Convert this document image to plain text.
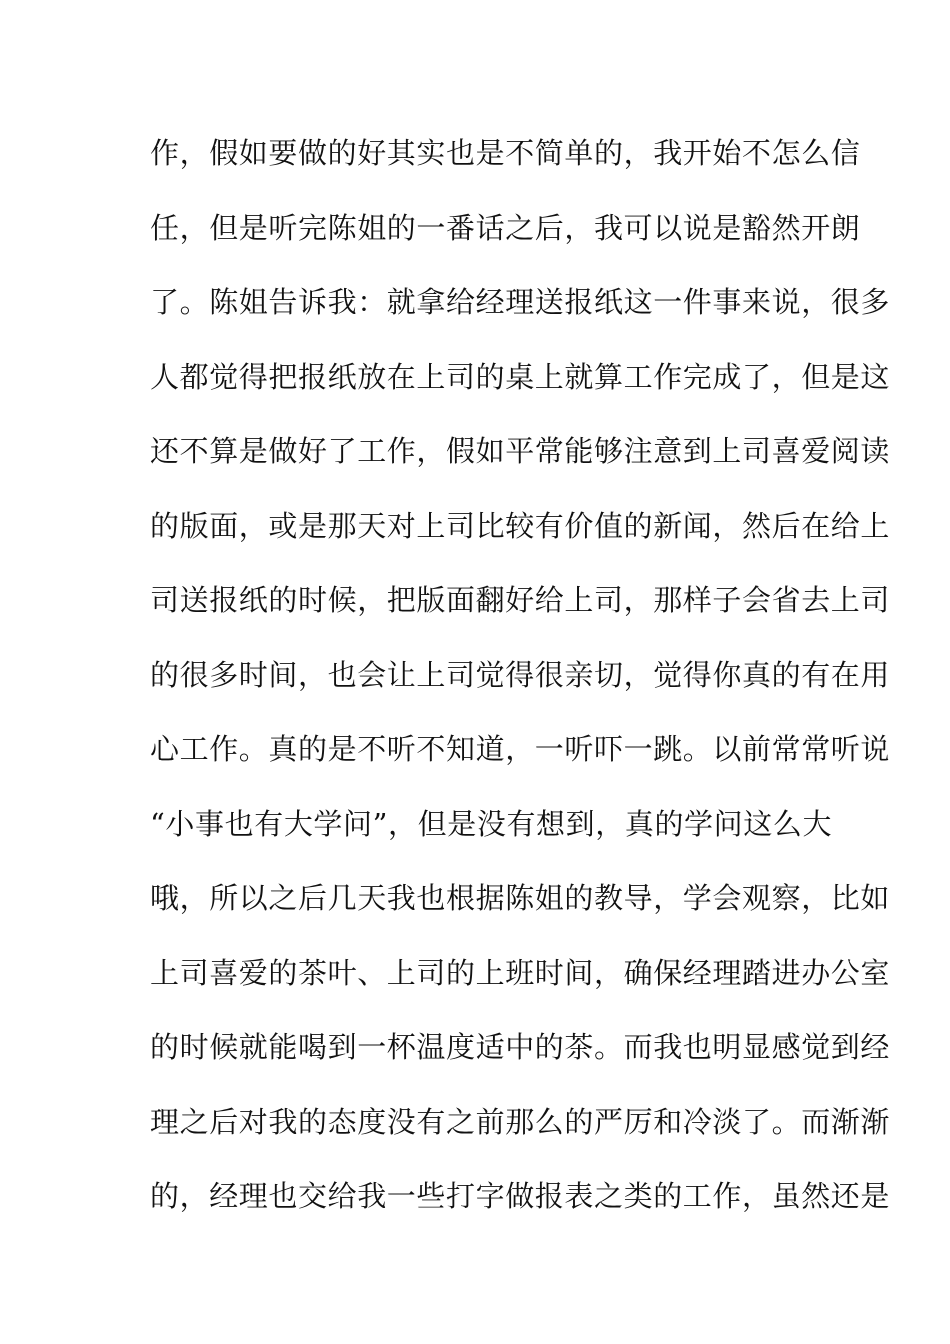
作，假如要做的好其实也是不简单的，我开始不怎么信
任，但是听完陈姐的一番话之后，我可以说是豁然开朗
了。陈姐告诉我：就拿给经理送报纸这一件事来说，很多
人都觉得把报纸放在上司的桌上就算工作完成了，但是这
还不算是做好了工作，假如平常能够注意到上司喜爱阅读
的版面，或是那天对上司比较有价值的新闻，然后在给上
司送报纸的时候，把版面翻好给上司，那样子会省去上司
的很多时间，也会让上司觉得很亲切，觉得你真的有在用
心工作。真的是不听不知道，一听吓一跳。以前常常听说
“小事也有大学问”，但是没有想到，真的学问这么大
哦，所以之后几天我也根据陈姐的教导，学会观察，比如
上司喜爱的茶叶、上司的上班时间，确保经理踏进办公室
的时候就能喝到一杯温度适中的茶。而我也明显感觉到经
理之后对我的态度没有之前那么的严厉和冷淡了。而渐渐
的，经理也交给我一些打字做报表之类的工作，虽然还是
